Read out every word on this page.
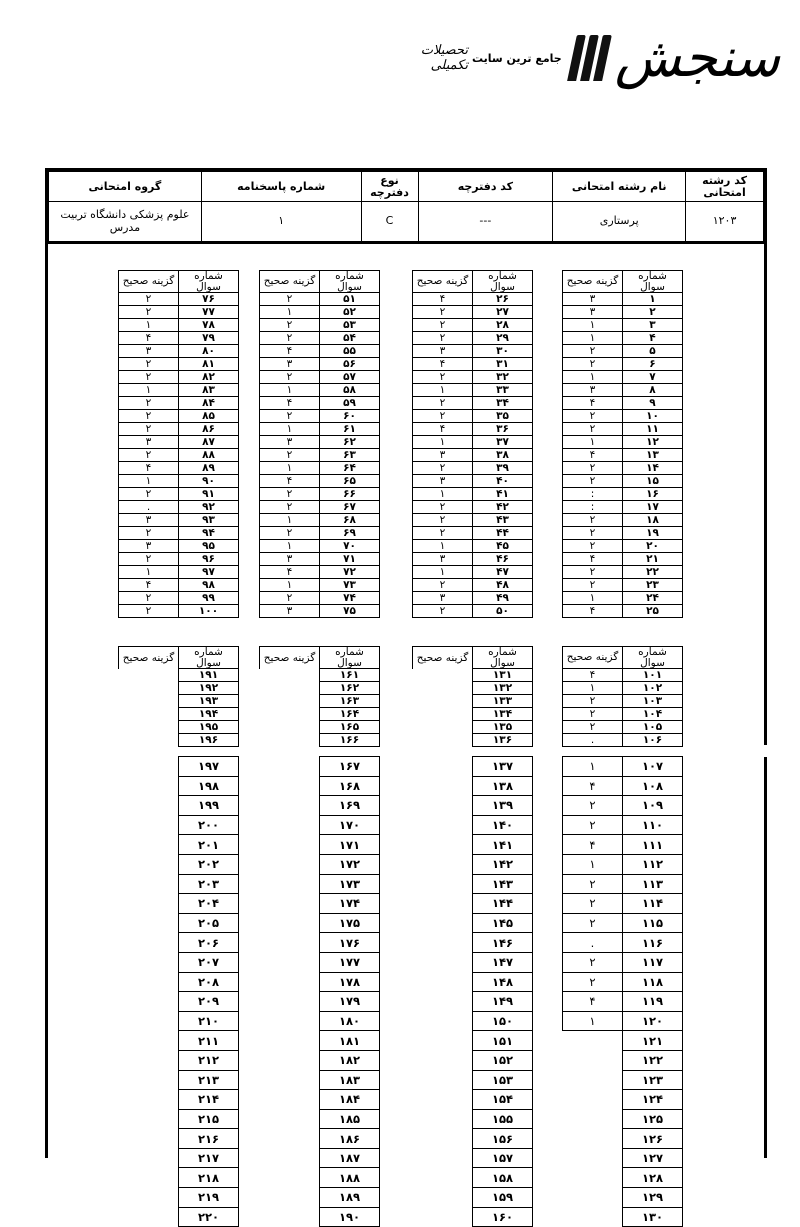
سنجش
جامع ترین سایت
تحصیلات تکمیلی
کد رشته امتحانی	نام رشته امتحانی	کد دفترچه	نوع دفترچه	شماره پاسخنامه	گروه امتحانی
۱۲۰۳	پرستاری	---	C	۱	علوم پزشکی دانشگاه تربیت مدرس
شماره سوال	گزینه صحیح
۱	۳
۲	۳
۳	۱
۴	۱
۵	۲
۶	۲
۷	۱
۸	۳
۹	۴
۱۰	۲
۱۱	۲
۱۲	۱
۱۳	۴
۱۴	۲
۱۵	۲
۱۶	:
۱۷	:
۱۸	۲
۱۹	۲
۲۰	۲
۲۱	۴
۲۲	۲
۲۳	۲
۲۴	۱
۲۵	۴
شماره سوال	گزینه صحیح
۲۶	۴
۲۷	۲
۲۸	۲
۲۹	۲
۳۰	۳
۳۱	۴
۳۲	۲
۳۳	۱
۳۴	۲
۳۵	۲
۳۶	۴
۳۷	۱
۳۸	۳
۳۹	۲
۴۰	۳
۴۱	۱
۴۲	۲
۴۳	۲
۴۴	۲
۴۵	۱
۴۶	۳
۴۷	۱
۴۸	۲
۴۹	۳
۵۰	۲
شماره سوال	گزینه صحیح
۵۱	۲
۵۲	۱
۵۳	۲
۵۴	۲
۵۵	۴
۵۶	۳
۵۷	۲
۵۸	۱
۵۹	۴
۶۰	۲
۶۱	۱
۶۲	۳
۶۳	۲
۶۴	۱
۶۵	۴
۶۶	۲
۶۷	۲
۶۸	۱
۶۹	۲
۷۰	۱
۷۱	۳
۷۲	۴
۷۳	۱
۷۴	۲
۷۵	۳
شماره سوال	گزینه صحیح
۷۶	۲
۷۷	۲
۷۸	۱
۷۹	۴
۸۰	۳
۸۱	۲
۸۲	۲
۸۳	۱
۸۴	۲
۸۵	۲
۸۶	۲
۸۷	۳
۸۸	۲
۸۹	۴
۹۰	۱
۹۱	۲
۹۲	.
۹۳	۳
۹۴	۲
۹۵	۳
۹۶	۲
۹۷	۱
۹۸	۴
۹۹	۲
۱۰۰	۲
شماره سوال	گزینه صحیح
۱۰۱	۴
۱۰۲	۱
۱۰۳	۲
۱۰۴	۲
۱۰۵	۲
۱۰۶	.
شماره سوال	گزینه صحیح
۱۳۱	
۱۳۲	
۱۳۳	
۱۳۴	
۱۳۵	
۱۳۶	
شماره سوال	گزینه صحیح
۱۶۱	
۱۶۲	
۱۶۳	
۱۶۴	
۱۶۵	
۱۶۶	
شماره سوال	گزینه صحیح
۱۹۱	
۱۹۲	
۱۹۳	
۱۹۴	
۱۹۵	
۱۹۶	
۱۰۷	۱
۱۰۸	۴
۱۰۹	۲
۱۱۰	۲
۱۱۱	۴
۱۱۲	۱
۱۱۳	۲
۱۱۴	۲
۱۱۵	۲
۱۱۶	.
۱۱۷	۲
۱۱۸	۲
۱۱۹	۴
۱۲۰	۱
۱۲۱	
۱۲۲	
۱۲۳	
۱۲۴	
۱۲۵	
۱۲۶	
۱۲۷	
۱۲۸	
۱۲۹	
۱۳۰	
۱۳۷	
۱۳۸	
۱۳۹	
۱۴۰	
۱۴۱	
۱۴۲	
۱۴۳	
۱۴۴	
۱۴۵	
۱۴۶	
۱۴۷	
۱۴۸	
۱۴۹	
۱۵۰	
۱۵۱	
۱۵۲	
۱۵۳	
۱۵۴	
۱۵۵	
۱۵۶	
۱۵۷	
۱۵۸	
۱۵۹	
۱۶۰	
۱۶۷	
۱۶۸	
۱۶۹	
۱۷۰	
۱۷۱	
۱۷۲	
۱۷۳	
۱۷۴	
۱۷۵	
۱۷۶	
۱۷۷	
۱۷۸	
۱۷۹	
۱۸۰	
۱۸۱	
۱۸۲	
۱۸۳	
۱۸۴	
۱۸۵	
۱۸۶	
۱۸۷	
۱۸۸	
۱۸۹	
۱۹۰	
۱۹۷	
۱۹۸	
۱۹۹	
۲۰۰	
۲۰۱	
۲۰۲	
۲۰۳	
۲۰۴	
۲۰۵	
۲۰۶	
۲۰۷	
۲۰۸	
۲۰۹	
۲۱۰	
۲۱۱	
۲۱۲	
۲۱۳	
۲۱۴	
۲۱۵	
۲۱۶	
۲۱۷	
۲۱۸	
۲۱۹	
۲۲۰	
